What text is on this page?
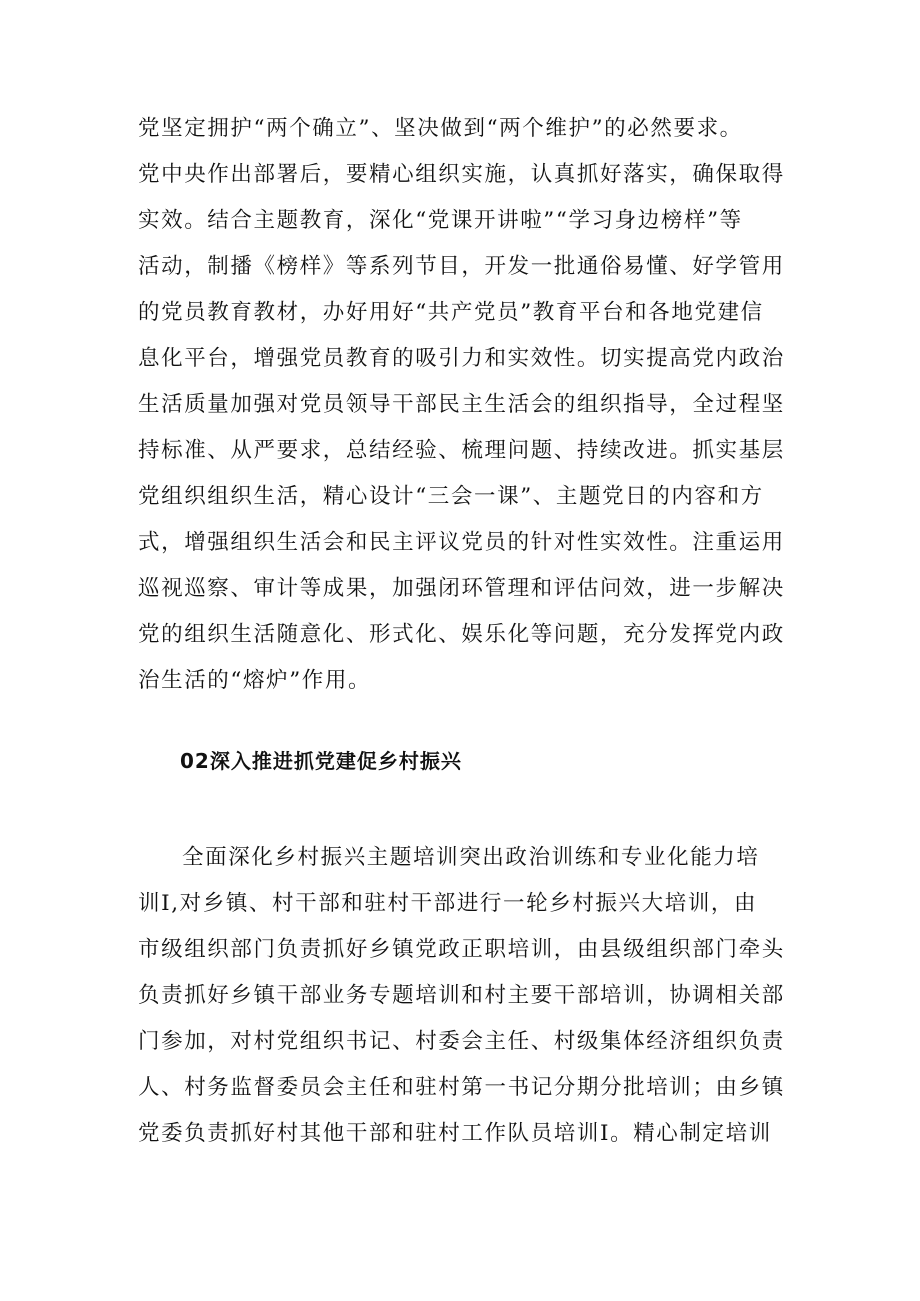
党坚定拥护“两个确立”、坚决做到“两个维护”的必然要求。
党中央作出部署后，要精心组织实施，认真抓好落实，确保取得
实效。结合主题教育，深化“党课开讲啦”“学习身边榜样”等
活动，制播《榜样》等系列节目，开发一批通俗易懂、好学管用
的党员教育教材，办好用好“共产党员”教育平台和各地党建信
息化平台，增强党员教育的吸引力和实效性。切实提高党内政治
生活质量加强对党员领导干部民主生活会的组织指导，全过程坚
持标准、从严要求，总结经验、梳理问题、持续改进。抓实基层
党组织组织生活，精心设计“三会一课”、主题党日的内容和方
式，增强组织生活会和民主评议党员的针对性实效性。注重运用
巡视巡察、审计等成果，加强闭环管理和评估问效，进一步解决
党的组织生活随意化、形式化、娱乐化等问题，充分发挥党内政
治生活的“熔炉”作用。
02深入推进抓党建促乡村振兴
全面深化乡村振兴主题培训突出政治训练和专业化能力培
训I,对乡镇、村干部和驻村干部进行一轮乡村振兴大培训，由
市级组织部门负责抓好乡镇党政正职培训，由县级组织部门牵头
负责抓好乡镇干部业务专题培训和村主要干部培训，协调相关部
门参加，对村党组织书记、村委会主任、村级集体经济组织负责
人、村务监督委员会主任和驻村第一书记分期分批培训；由乡镇
党委负责抓好村其他干部和驻村工作队员培训I。精心制定培训
